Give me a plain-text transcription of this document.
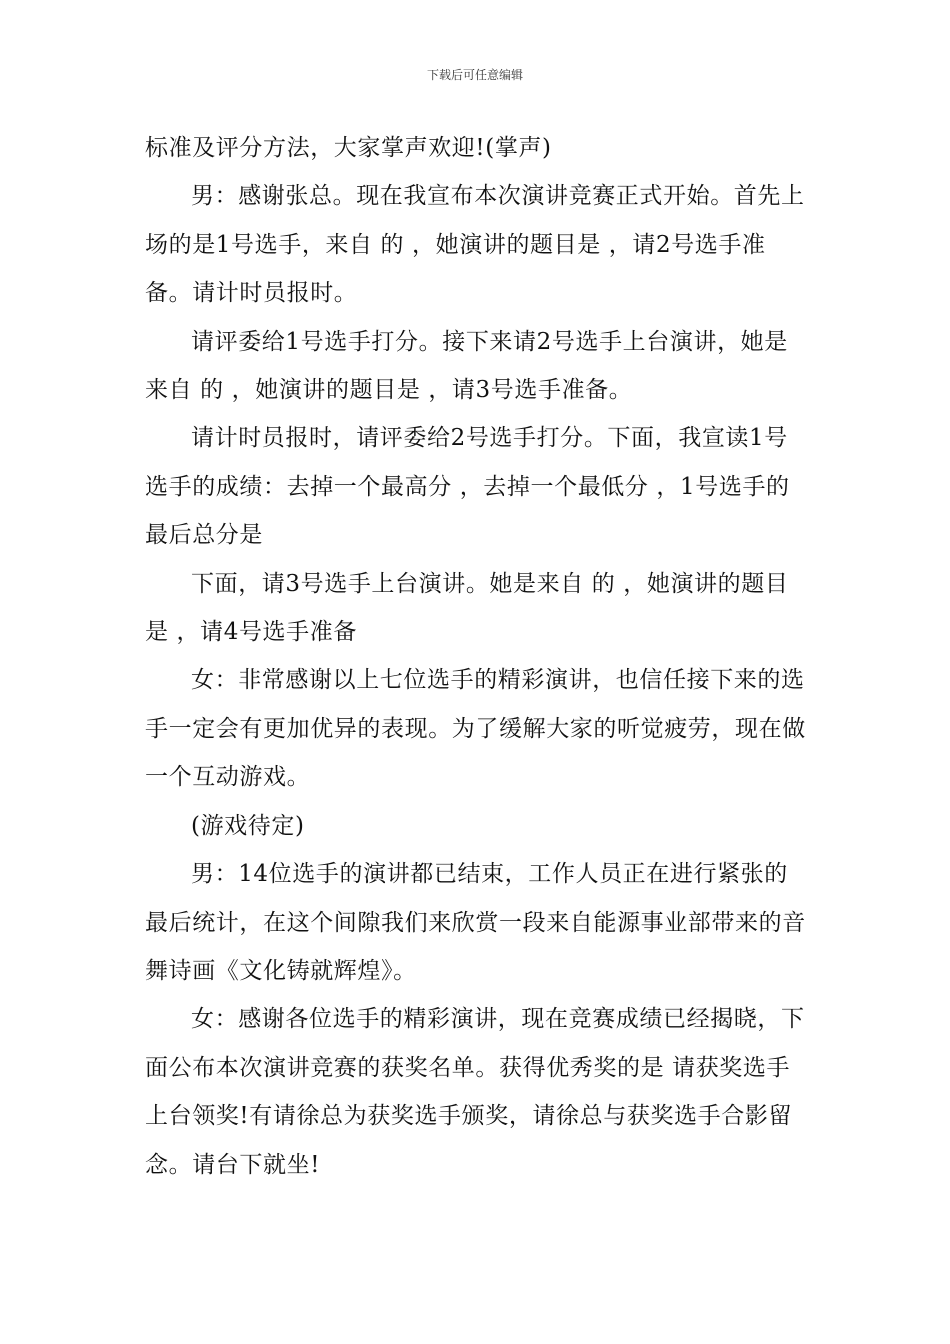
下载后可任意编辑

标准及评分方法，大家掌声欢迎!(掌声)

男：感谢张总。现在我宣布本次演讲竞赛正式开始。首先上场的是1号选手，来自 的 ，她演讲的题目是 ，请2号选手准备。请计时员报时。

请评委给1号选手打分。接下来请2号选手上台演讲，她是来自 的 ，她演讲的题目是 ，请3号选手准备。

请计时员报时，请评委给2号选手打分。下面，我宣读1号选手的成绩：去掉一个最高分 ，去掉一个最低分 ，1号选手的最后总分是

下面，请3号选手上台演讲。她是来自 的 ，她演讲的题目是 ，请4号选手准备

女：非常感谢以上七位选手的精彩演讲，也信任接下来的选手一定会有更加优异的表现。为了缓解大家的听觉疲劳，现在做一个互动游戏。

(游戏待定)

男：14位选手的演讲都已结束，工作人员正在进行紧张的最后统计，在这个间隙我们来欣赏一段来自能源事业部带来的音舞诗画《文化铸就辉煌》。

女：感谢各位选手的精彩演讲，现在竞赛成绩已经揭晓，下面公布本次演讲竞赛的获奖名单。获得优秀奖的是 请获奖选手上台领奖!有请徐总为获奖选手颁奖，请徐总与获奖选手合影留念。请台下就坐!
